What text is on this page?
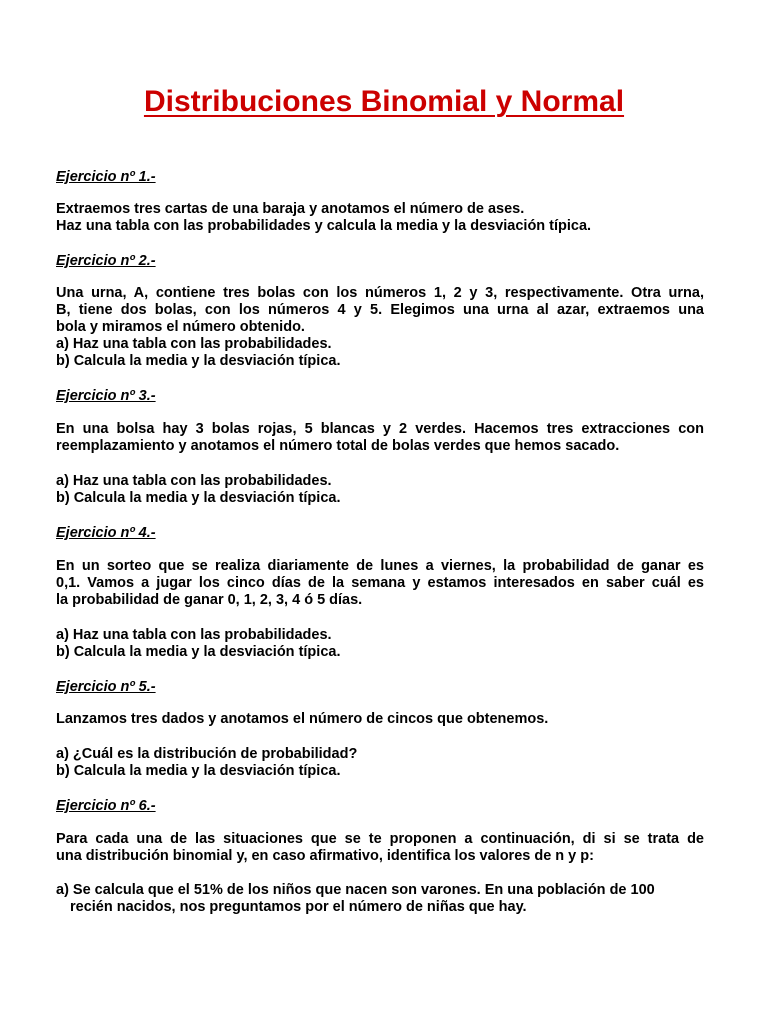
Distribuciones Binomial y Normal
Ejercicio nº 1.-
Extraemos tres cartas de una baraja y anotamos el número de ases.
Haz una tabla con las probabilidades y calcula la media y la desviación típica.
Ejercicio nº 2.-
Una urna, A, contiene tres bolas con los números 1, 2 y 3, respectivamente. Otra urna,
B, tiene dos bolas, con los números 4 y 5. Elegimos una urna al azar, extraemos una
bola y miramos el número obtenido.
a) Haz una tabla con las probabilidades.
b) Calcula la media y la desviación típica.
Ejercicio nº 3.-
En una bolsa hay 3 bolas rojas, 5 blancas y 2 verdes. Hacemos tres extracciones con
reemplazamiento y anotamos el número total de bolas verdes que hemos sacado.
a) Haz una tabla con las probabilidades.
b) Calcula la media y la desviación típica.
Ejercicio nº 4.-
En un sorteo que se realiza diariamente de lunes a viernes, la probabilidad de ganar es
0,1. Vamos a jugar los cinco días de la semana y estamos interesados en saber cuál es
la probabilidad de ganar 0, 1, 2, 3, 4 ó 5 días.
a) Haz una tabla con las probabilidades.
b) Calcula la media y la desviación típica.
Ejercicio nº 5.-
Lanzamos tres dados y anotamos el número de cincos que obtenemos.
a) ¿Cuál es la distribución de probabilidad?
b) Calcula la media y la desviación típica.
Ejercicio nº 6.-
Para cada una de las situaciones que se te proponen a continuación, di si se trata de
una distribución binomial y, en caso afirmativo, identifica los valores de n y p:
a) Se calcula que el 51% de los niños que nacen son varones. En una población de 100
recién nacidos, nos preguntamos por el número de niñas que hay.
